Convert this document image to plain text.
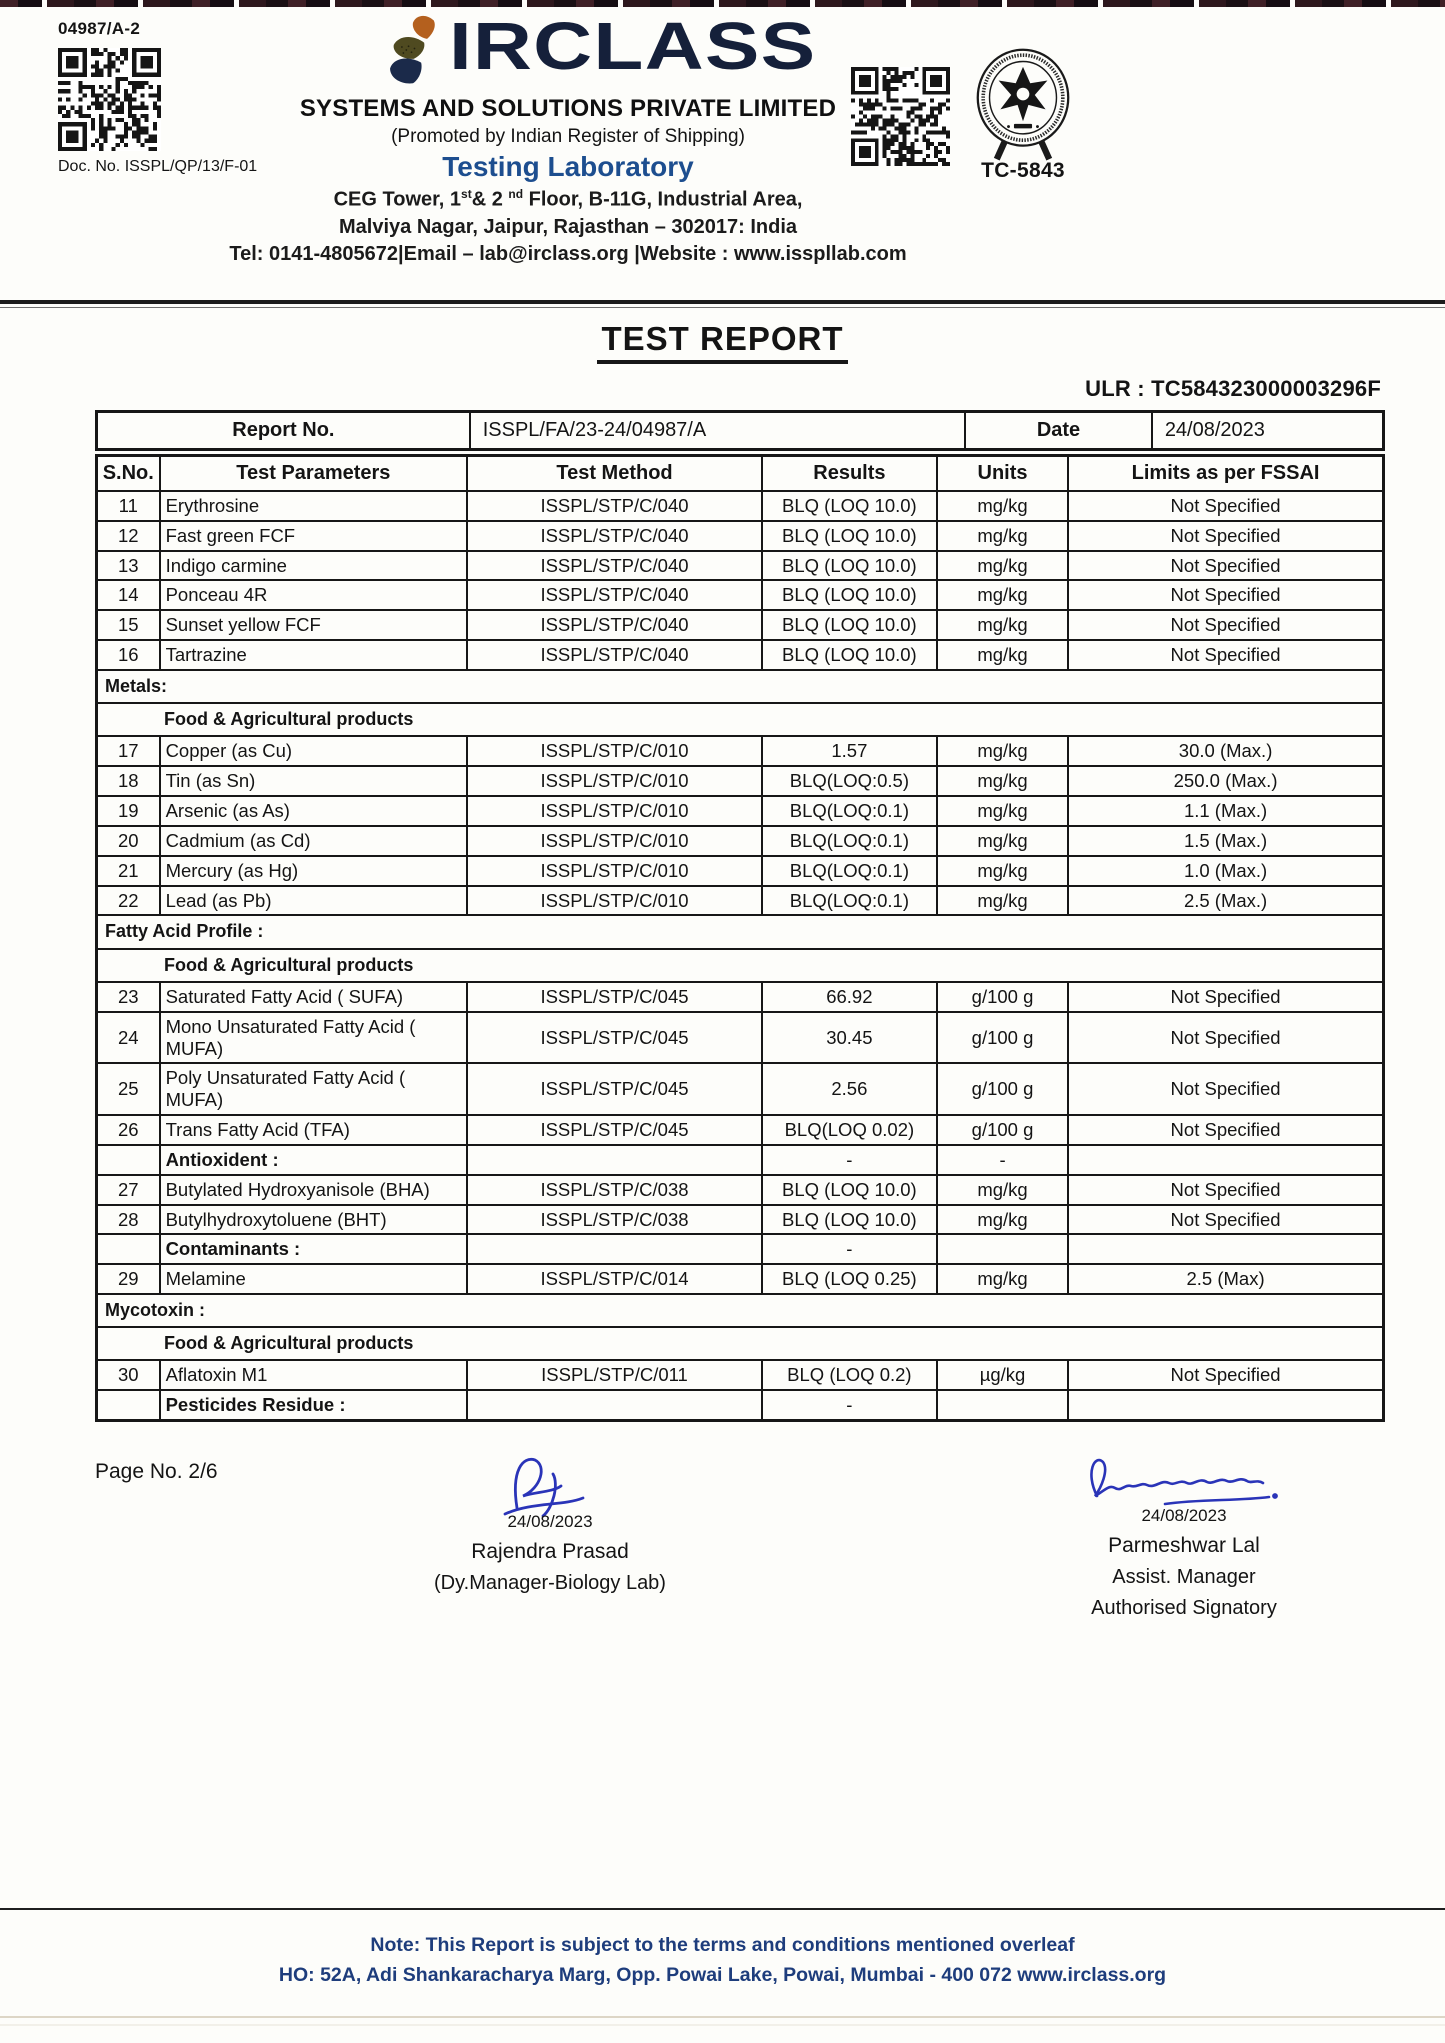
04987/A-2
Doc. No. ISSPL/QP/13/F-01
IRCLASS
SYSTEMS AND SOLUTIONS PRIVATE LIMITED
(Promoted by Indian Register of Shipping)
Testing Laboratory
CEG Tower, 1st& 2 $^{nd}$ Floor, B-11G, Industrial Area,
Malviya Nagar, Jaipur, Rajasthan – 302017: India
Tel: 0141-4805672|Email – lab@irclass.org |Website : www.isspllab.com
TC-5843
TEST REPORT
ULR : TC584323000003296F
Report No.	ISSPL/FA/23-24/04987/A	Date	24/08/2023
S.No.	Test Parameters	Test Method	Results	Units	Limits as per FSSAI
11	Erythrosine	ISSPL/STP/C/040	BLQ (LOQ 10.0)	mg/kg	Not Specified
12	Fast green FCF	ISSPL/STP/C/040	BLQ (LOQ 10.0)	mg/kg	Not Specified
13	Indigo carmine	ISSPL/STP/C/040	BLQ (LOQ 10.0)	mg/kg	Not Specified
14	Ponceau 4R	ISSPL/STP/C/040	BLQ (LOQ 10.0)	mg/kg	Not Specified
15	Sunset yellow FCF	ISSPL/STP/C/040	BLQ (LOQ 10.0)	mg/kg	Not Specified
16	Tartrazine	ISSPL/STP/C/040	BLQ (LOQ 10.0)	mg/kg	Not Specified
Metals:					
Food & Agricultural products					
17	Copper (as Cu)	ISSPL/STP/C/010	1.57	mg/kg	30.0 (Max.)
18	Tin (as Sn)	ISSPL/STP/C/010	BLQ(LOQ:0.5)	mg/kg	250.0 (Max.)
19	Arsenic (as As)	ISSPL/STP/C/010	BLQ(LOQ:0.1)	mg/kg	1.1 (Max.)
20	Cadmium (as Cd)	ISSPL/STP/C/010	BLQ(LOQ:0.1)	mg/kg	1.5 (Max.)
21	Mercury (as Hg)	ISSPL/STP/C/010	BLQ(LOQ:0.1)	mg/kg	1.0 (Max.)
22	Lead (as Pb)	ISSPL/STP/C/010	BLQ(LOQ:0.1)	mg/kg	2.5 (Max.)
Fatty Acid Profile :					
Food & Agricultural products					
23	Saturated Fatty Acid ( SUFA)	ISSPL/STP/C/045	66.92	g/100 g	Not Specified
24	Mono Unsaturated Fatty Acid ( MUFA)	ISSPL/STP/C/045	30.45	g/100 g	Not Specified
25	Poly Unsaturated Fatty Acid ( MUFA)	ISSPL/STP/C/045	2.56	g/100 g	Not Specified
26	Trans Fatty Acid (TFA)	ISSPL/STP/C/045	BLQ(LOQ 0.02)	g/100 g	Not Specified
	Antioxident :		-	-	
27	Butylated Hydroxyanisole (BHA)	ISSPL/STP/C/038	BLQ (LOQ 10.0)	mg/kg	Not Specified
28	Butylhydroxytoluene (BHT)	ISSPL/STP/C/038	BLQ (LOQ 10.0)	mg/kg	Not Specified
	Contaminants :		-		
29	Melamine	ISSPL/STP/C/014	BLQ (LOQ 0.25)	mg/kg	2.5 (Max)
Mycotoxin :					
Food & Agricultural products					
30	Aflatoxin M1	ISSPL/STP/C/011	BLQ (LOQ 0.2)	µg/kg	Not Specified
	Pesticides Residue :		-		
Page No. 2/6
24/08/2023
Rajendra Prasad
(Dy.Manager-Biology Lab)
24/08/2023
Parmeshwar Lal
Assist. Manager
Authorised Signatory
Note: This Report is subject to the terms and conditions mentioned overleaf
HO: 52A, Adi Shankaracharya Marg, Opp. Powai Lake, Powai, Mumbai - 400 072 www.irclass.org
